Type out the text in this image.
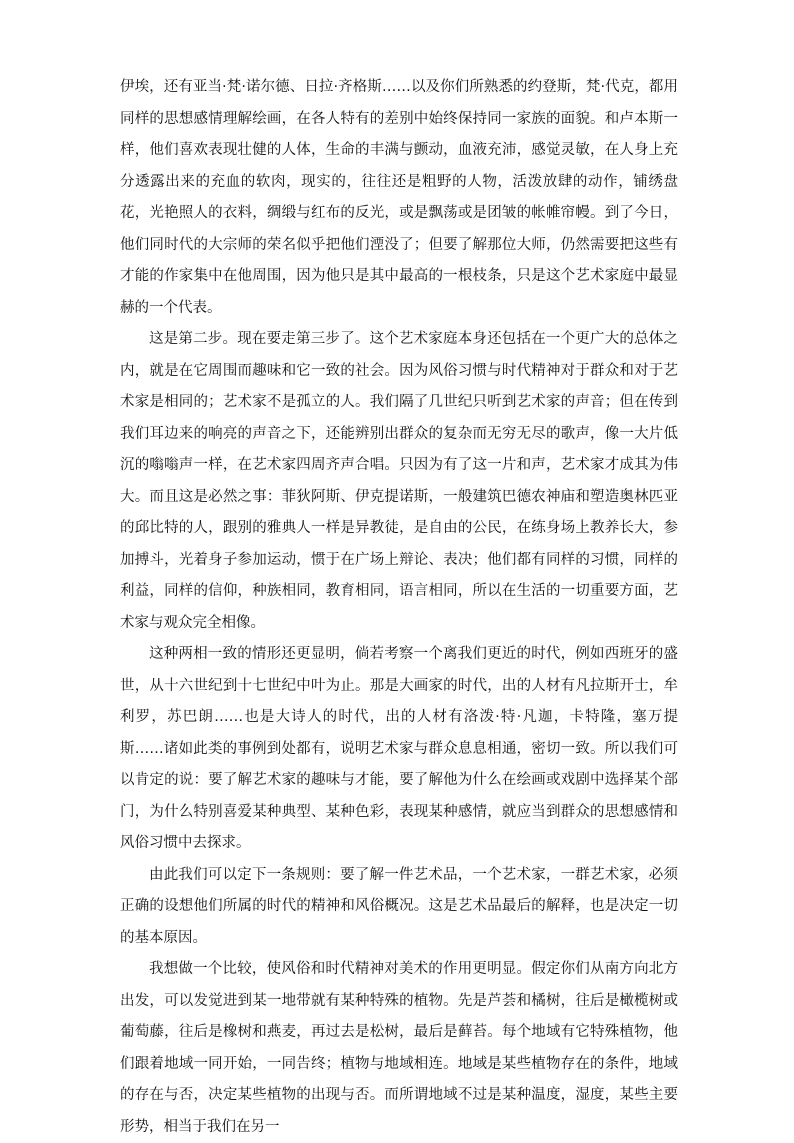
伊埃，还有亚当·梵·诺尔德、日拉·齐格斯……以及你们所熟悉的约登斯，梵·代克，都用同样的思想感情理解绘画，在各人特有的差别中始终保持同一家族的面貌。和卢本斯一样，他们喜欢表现壮健的人体，生命的丰满与颤动，血液充沛，感觉灵敏，在人身上充分透露出来的充血的软肉，现实的，往往还是粗野的人物，活泼放肆的动作，铺绣盘花，光艳照人的衣料，绸缎与红布的反光，或是飘荡或是团皱的帐帷帘幔。到了今日，他们同时代的大宗师的荣名似乎把他们湮没了；但要了解那位大师，仍然需要把这些有才能的作家集中在他周围，因为他只是其中最高的一根枝条，只是这个艺术家庭中最显赫的一个代表。

这是第二步。现在要走第三步了。这个艺术家庭本身还包括在一个更广大的总体之内，就是在它周围而趣味和它一致的社会。因为风俗习惯与时代精神对于群众和对于艺术家是相同的；艺术家不是孤立的人。我们隔了几世纪只听到艺术家的声音；但在传到我们耳边来的响亮的声音之下，还能辨别出群众的复杂而无穷无尽的歌声，像一大片低沉的嗡嗡声一样，在艺术家四周齐声合唱。只因为有了这一片和声，艺术家才成其为伟大。而且这是必然之事：菲狄阿斯、伊克提诺斯，一般建筑巴德农神庙和塑造奥林匹亚的邱比特的人，跟别的雅典人一样是异教徒，是自由的公民，在练身场上教养长大，参加搏斗，光着身子参加运动，惯于在广场上辩论、表决；他们都有同样的习惯，同样的利益，同样的信仰，种族相同，教育相同，语言相同，所以在生活的一切重要方面，艺术家与观众完全相像。

这种两相一致的情形还更显明，倘若考察一个离我们更近的时代，例如西班牙的盛世，从十六世纪到十七世纪中叶为止。那是大画家的时代，出的人材有凡拉斯开士，牟利罗，苏巴朗……也是大诗人的时代，出的人材有洛泼·特·凡迦，卡特隆，塞万提斯……诸如此类的事例到处都有，说明艺术家与群众息息相通，密切一致。所以我们可以肯定的说：要了解艺术家的趣味与才能，要了解他为什么在绘画或戏剧中选择某个部门，为什么特别喜爱某种典型、某种色彩，表现某种感情，就应当到群众的思想感情和风俗习惯中去探求。

由此我们可以定下一条规则：要了解一件艺术品，一个艺术家，一群艺术家，必须正确的设想他们所属的时代的精神和风俗概况。这是艺术品最后的解释，也是决定一切的基本原因。

我想做一个比较，使风俗和时代精神对美术的作用更明显。假定你们从南方向北方出发，可以发觉进到某一地带就有某种特殊的植物。先是芦荟和橘树，往后是橄榄树或葡萄藤，往后是橡树和燕麦，再过去是松树，最后是藓苔。每个地域有它特殊植物，他们跟着地域一同开始，一同告终；植物与地域相连。地域是某些植物存在的条件，地域的存在与否，决定某些植物的出现与否。而所谓地域不过是某种温度，湿度，某些主要形势，相当于我们在另一
